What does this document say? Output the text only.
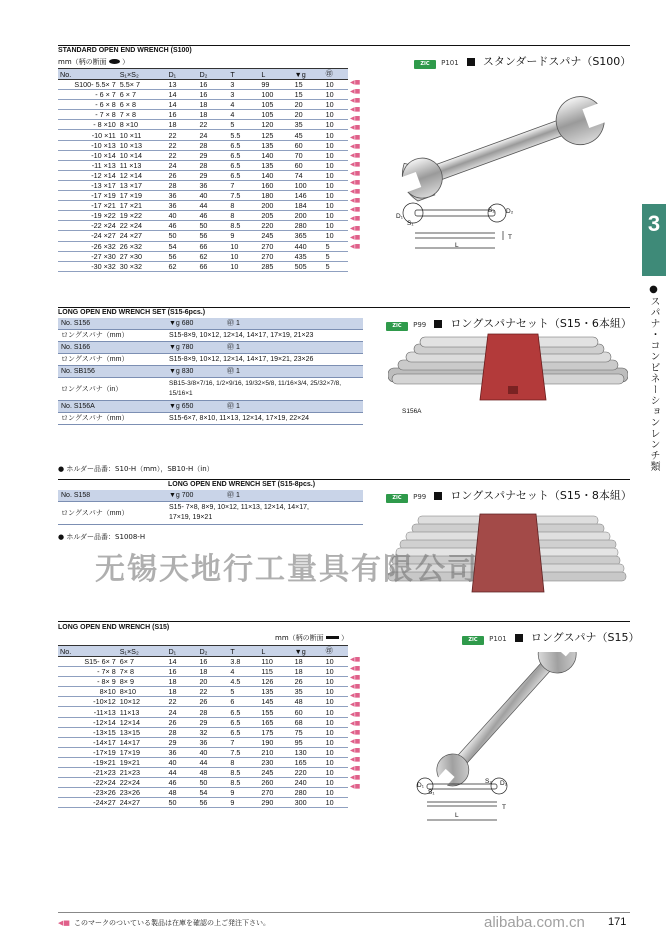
STANDARD OPEN END WRENCH (S100)
mm（柄の断面 ）	ZIC P101 スタンダードスパナ（S100）
No.	S₁×S₂	D₁	D₂	T	L	▼g	㊞
S100- 5.5× 7	5.5× 7	13	16	3	99	15	10
- 6 × 7	6 × 7	14	16	3	100	15	10
- 6 × 8	6 × 8	14	18	4	105	20	10
- 7 × 8	7 × 8	16	18	4	105	20	10
- 8 ×10	8 ×10	18	22	5	120	35	10
-10 ×11	10 ×11	22	24	5.5	125	45	10
-10 ×13	10 ×13	22	28	6.5	135	60	10
-10 ×14	10 ×14	22	29	6.5	140	70	10
-11 ×13	11 ×13	24	28	6.5	135	60	10
-12 ×14	12 ×14	26	29	6.5	140	74	10
-13 ×17	13 ×17	28	36	7	160	100	10
-17 ×19	17 ×19	36	40	7.5	180	146	10
-17 ×21	17 ×21	36	44	8	200	184	10
-19 ×22	19 ×22	40	46	8	205	200	10
-22 ×24	22 ×24	46	50	8.5	220	280	10
-24 ×27	24 ×27	50	56	9	245	365	10
-26 ×32	26 ×32	54	66	10	270	440	5
-27 ×30	27 ×30	56	62	10	270	435	5
-30 ×32	30 ×32	62	66	10	285	505	5
◀■
◀■
◀■
◀■
◀■
◀■
◀■
◀■
◀■
◀■
◀■
◀■
◀■
◀■
◀■
◀■
◀■
◀■
◀■
D₁
S₁
S₂ D₂
T
L
3
●スパナ・コンビネーションレンチ類
LONG OPEN END WRENCH SET (S15-6pcs.)
ZIC P99 ロングスパナセット（S15・6本組）
No. S156	▼g 680	㊞ 1
ロングスパナ（mm）	S15-8×9, 10×12, 12×14, 14×17, 17×19, 21×23	
No. S166	▼g 780	㊞ 1
ロングスパナ（mm）	S15-8×9, 10×12, 12×14, 14×17, 19×21, 23×26	
No. SB156	▼g 830	㊞ 1
ロングスパナ（in）	SB15-3/8×7/16, 1/2×9/16, 19/32×5/8, 11/16×3/4, 25/32×7/8, 15/16×1	
No. S156A	▼g 650	㊞ 1
ロングスパナ（mm）	S15-6×7, 8×10, 11×13, 12×14, 17×19, 22×24	
● ホルダー品番：S10-H（mm），SB10-H（in）
S156A
LONG OPEN END WRENCH SET (S15-8pcs.)
ZIC P99 ロングスパナセット（S15・8本組）
No. S158	▼g 700	㊞ 1
ロングスパナ（mm）	S15- 7×8, 8×9, 10×12, 11×13, 12×14, 14×17,
17×19, 19×21	
● ホルダー品番：S1008-H
无锡天地行工量具有限公司
LONG OPEN END WRENCH (S15)
mm（柄の断面 ）	ZIC P101 ロングスパナ（S15）
No.	S₁×S₂	D₁	D₂	T	L	▼g	㊞
S15- 6× 7	6× 7	14	16	3.8	110	18	10
- 7× 8	7× 8	16	18	4	115	18	10
- 8× 9	8× 9	18	20	4.5	126	26	10
8×10	8×10	18	22	5	135	35	10
-10×12	10×12	22	26	6	145	48	10
-11×13	11×13	24	28	6.5	155	60	10
-12×14	12×14	26	29	6.5	165	68	10
-13×15	13×15	28	32	6.5	175	75	10
-14×17	14×17	29	36	7	190	95	10
-17×19	17×19	36	40	7.5	210	130	10
-19×21	19×21	40	44	8	230	165	10
-21×23	21×23	44	48	8.5	245	220	10
-22×24	22×24	46	50	8.5	260	240	10
-23×26	23×26	48	54	9	270	280	10
-24×27	24×27	50	56	9	290	300	10
◀■
◀■
◀■
◀■
◀■
◀■
◀■
◀■
◀■
◀■
◀■
◀■
◀■
◀■
◀■	D₁
S₁
S₂ D₂
T
L
◀■ このマークのついている製品は在庫を確認の上ご発注下さい。	171
alibaba.com.cn
